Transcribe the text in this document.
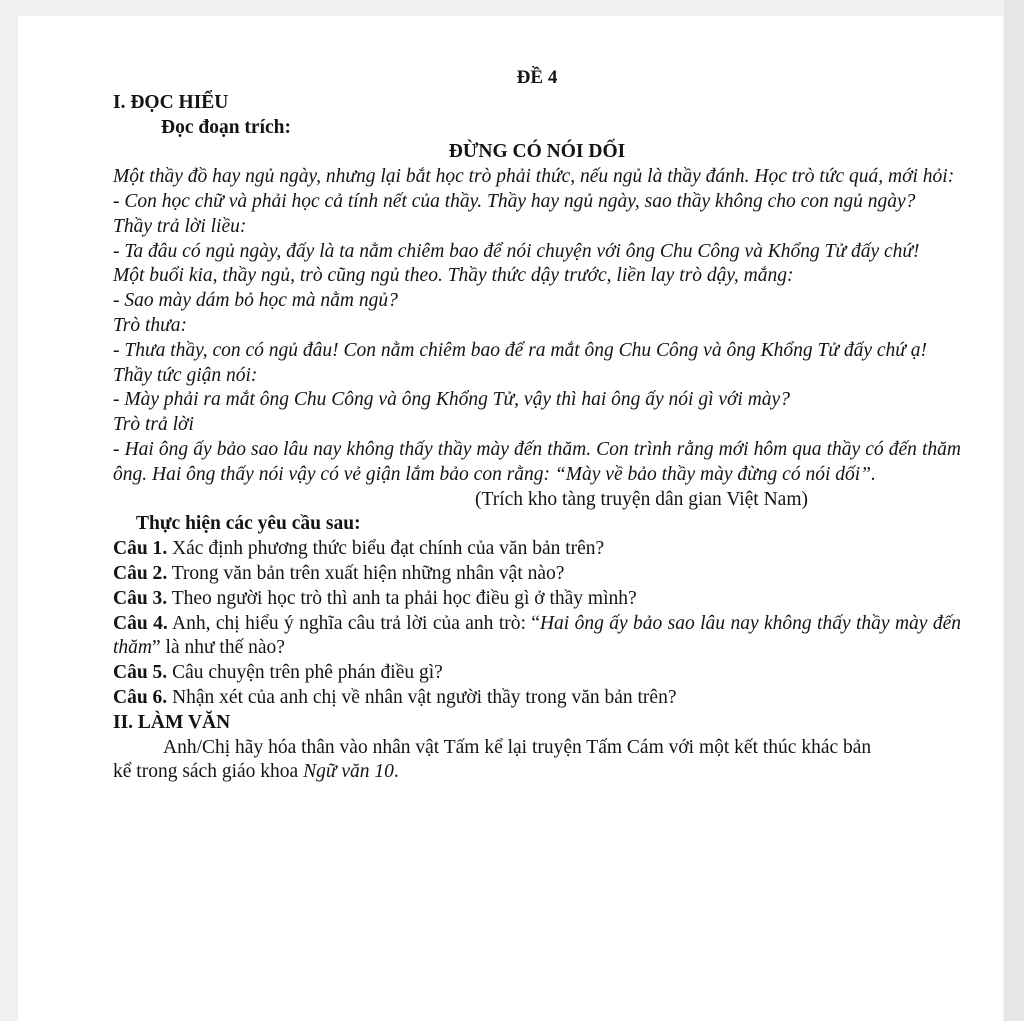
ĐỀ 4

I. ĐỌC HIỂU

Đọc đoạn trích:

ĐỪNG CÓ NÓI DỐI

Một thầy đồ hay ngủ ngày, nhưng lại bắt học trò phải thức, nếu ngủ là thầy đánh. Học trò tức quá, mới hỏi:

- Con học chữ và phải học cả tính nết của thầy. Thầy hay ngủ ngày, sao thầy không cho con ngủ ngày?

Thầy trả lời liều:

- Ta đâu có ngủ ngày, đấy là ta nằm chiêm bao để nói chuyện với ông Chu Công và Khổng Tử đấy chứ!

Một buổi kia, thầy ngủ, trò cũng ngủ theo. Thầy thức dậy trước, liền lay trò dậy, mắng:

- Sao mày dám bỏ học mà nằm ngủ?

Trò thưa:

- Thưa thầy, con có ngủ đâu! Con nằm chiêm bao để ra mắt ông Chu Công và ông Khổng Tử đấy chứ ạ!

Thầy tức giận nói:

- Mày phải ra mắt ông Chu Công và ông Khổng Tử, vậy thì hai ông ấy nói gì với mày?

Trò trả lời

- Hai ông ấy bảo sao lâu nay không thấy thầy mày đến thăm. Con trình rằng mới hôm qua thầy có đến thăm ông. Hai ông thấy nói vậy có vẻ giận lắm bảo con rằng: “Mày về bảo thầy mày đừng có nói dối”.

(Trích kho tàng truyện dân gian Việt Nam)

Thực hiện các yêu cầu sau:

Câu 1. Xác định phương thức biểu đạt chính của văn bản trên?

Câu 2. Trong văn bản trên xuất hiện những nhân vật nào?

Câu 3. Theo người học trò thì anh ta phải học điều gì ở thầy mình?

Câu 4. Anh, chị hiểu ý nghĩa câu trả lời của anh trò: “Hai ông ấy bảo sao lâu nay không thấy thầy mày đến thăm” là như thế nào?

Câu 5. Câu chuyện trên phê phán điều gì?

Câu 6. Nhận xét của anh chị về nhân vật người thầy trong văn bản trên?

II. LÀM VĂN

Anh/Chị hãy hóa thân vào nhân vật Tấm kể lại truyện Tấm Cám với một kết thúc khác bản

kể trong sách giáo khoa Ngữ văn 10.
